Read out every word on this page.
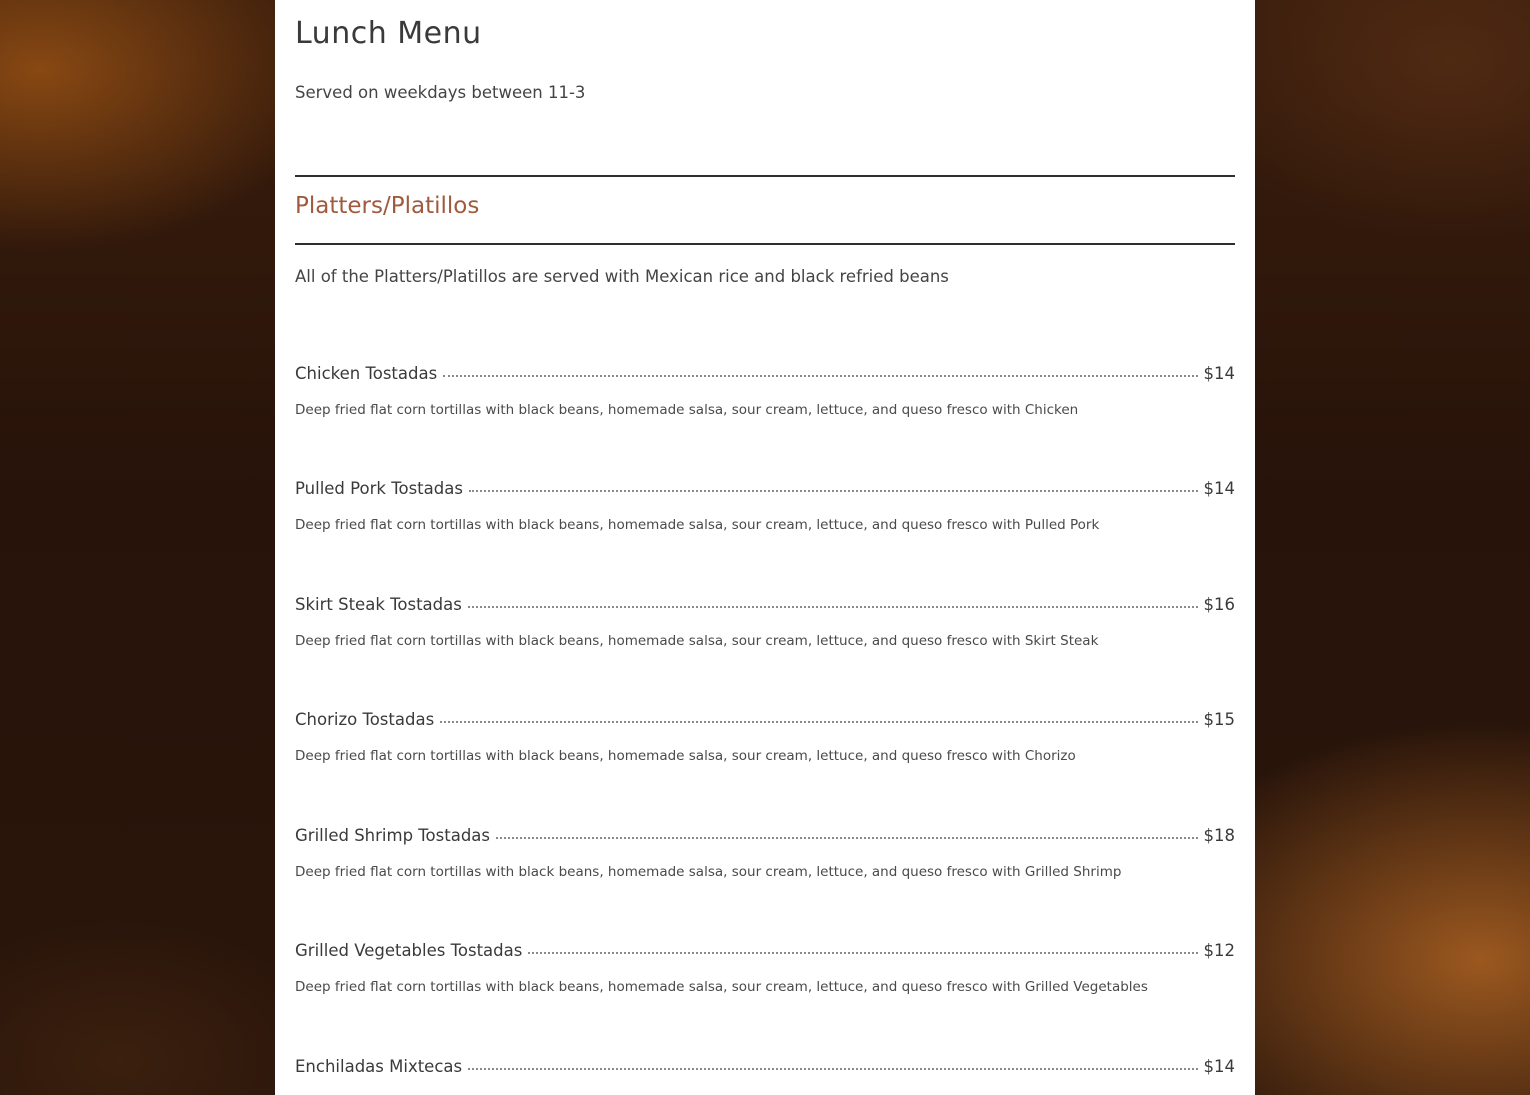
Lunch Menu

Served on weekdays between 11-3

Platters/Platillos

All of the Platters/Platillos are served with Mexican rice and black refried beans

Chicken Tostadas	$14

Deep fried flat corn tortillas with black beans, homemade salsa, sour cream, lettuce, and queso fresco with Chicken

Pulled Pork Tostadas	$14

Deep fried flat corn tortillas with black beans, homemade salsa, sour cream, lettuce, and queso fresco with Pulled Pork

Skirt Steak Tostadas	$16

Deep fried flat corn tortillas with black beans, homemade salsa, sour cream, lettuce, and queso fresco with Skirt Steak

Chorizo Tostadas	$15

Deep fried flat corn tortillas with black beans, homemade salsa, sour cream, lettuce, and queso fresco with Chorizo

Grilled Shrimp Tostadas	$18

Deep fried flat corn tortillas with black beans, homemade salsa, sour cream, lettuce, and queso fresco with Grilled Shrimp

Grilled Vegetables Tostadas	$12

Deep fried flat corn tortillas with black beans, homemade salsa, sour cream, lettuce, and queso fresco with Grilled Vegetables

Enchiladas Mixtecas	$14
